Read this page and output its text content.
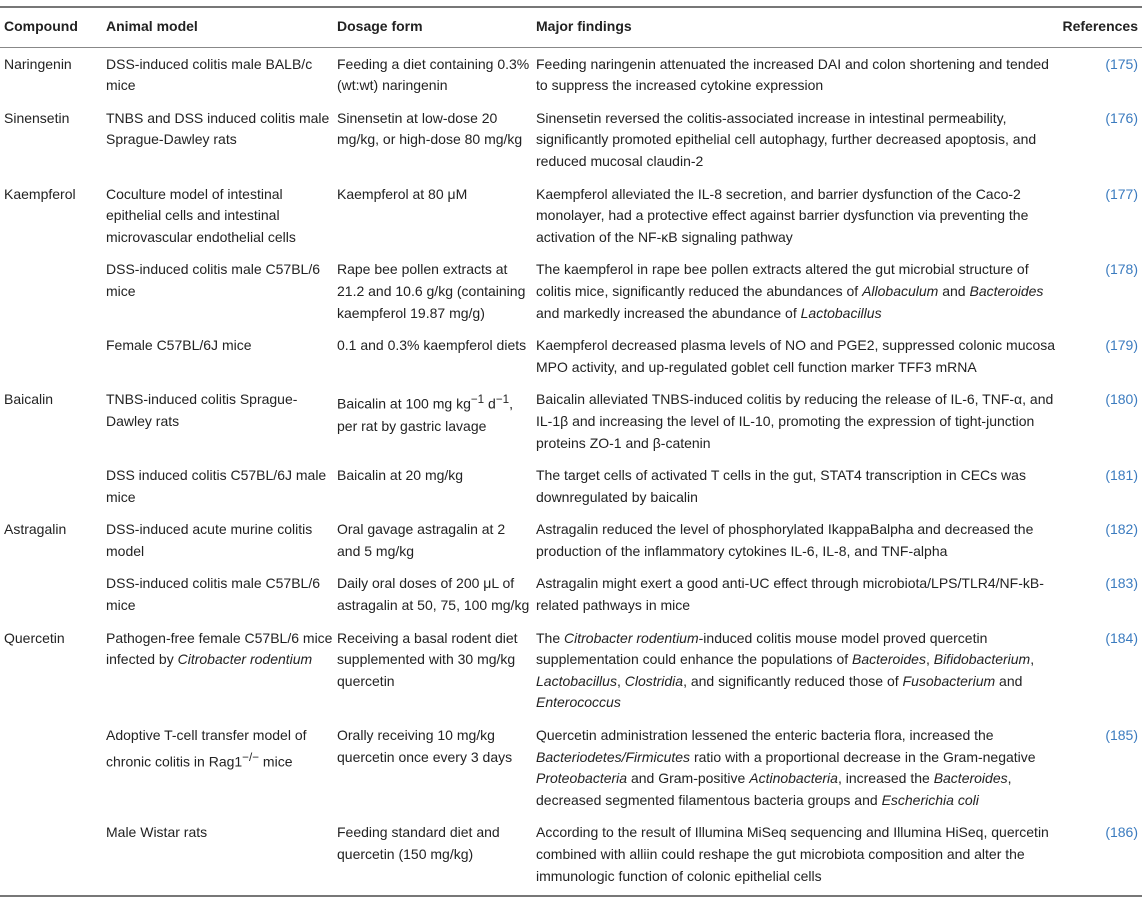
Compound	Animal model	Dosage form	Major findings	References
Naringenin	DSS-induced colitis male BALB/c mice	Feeding a diet containing 0.3% (wt:wt) naringenin	Feeding naringenin attenuated the increased DAI and colon shortening and tended to suppress the increased cytokine expression	(175)
Sinensetin	TNBS and DSS induced colitis male Sprague-Dawley rats	Sinensetin at low-dose 20 mg/kg, or high-dose 80 mg/kg	Sinensetin reversed the colitis-associated increase in intestinal permeability, significantly promoted epithelial cell autophagy, further decreased apoptosis, and reduced mucosal claudin-2	(176)
Kaempferol	Coculture model of intestinal epithelial cells and intestinal microvascular endothelial cells	Kaempferol at 80 μM	Kaempferol alleviated the IL-8 secretion, and barrier dysfunction of the Caco-2 monolayer, had a protective effect against barrier dysfunction via preventing the activation of the NF-κB signaling pathway	(177)
	DSS-induced colitis male C57BL/6 mice	Rape bee pollen extracts at 21.2 and 10.6 g/kg (containing kaempferol 19.87 mg/g)	The kaempferol in rape bee pollen extracts altered the gut microbial structure of colitis mice, significantly reduced the abundances of Allobaculum and Bacteroides and markedly increased the abundance of Lactobacillus	(178)
	Female C57BL/6J mice	0.1 and 0.3% kaempferol diets	Kaempferol decreased plasma levels of NO and PGE2, suppressed colonic mucosa MPO activity, and up-regulated goblet cell function marker TFF3 mRNA	(179)
Baicalin	TNBS-induced colitis Sprague-Dawley rats	Baicalin at 100 mg $kg^{-1}$ $d^{-1}$, per rat by gastric lavage	Baicalin alleviated TNBS-induced colitis by reducing the release of IL-6, TNF-α, and IL-1β and increasing the level of IL-10, promoting the expression of tight-junction proteins ZO-1 and β-catenin	(180)
	DSS induced colitis C57BL/6J male mice	Baicalin at 20 mg/kg	The target cells of activated T cells in the gut, STAT4 transcription in CECs was downregulated by baicalin	(181)
Astragalin	DSS-induced acute murine colitis model	Oral gavage astragalin at 2 and 5 mg/kg	Astragalin reduced the level of phosphorylated IkappaBalpha and decreased the production of the inflammatory cytokines IL-6, IL-8, and TNF-alpha	(182)
	DSS-induced colitis male C57BL/6 mice	Daily oral doses of 200 μL of astragalin at 50, 75, 100 mg/kg	Astragalin might exert a good anti-UC effect through microbiota/LPS/TLR4/NF-kB-related pathways in mice	(183)
Quercetin	Pathogen-free female C57BL/6 mice infected by Citrobacter rodentium	Receiving a basal rodent diet supplemented with 30 mg/kg quercetin	The Citrobacter rodentium-induced colitis mouse model proved quercetin supplementation could enhance the populations of Bacteroides, Bifidobacterium, Lactobacillus, Clostridia, and significantly reduced those of Fusobacterium and Enterococcus	(184)
	Adoptive T-cell transfer model of chronic colitis in Rag1−/− mice	Orally receiving 10 mg/kg quercetin once every 3 days	Quercetin administration lessened the enteric bacteria flora, increased the Bacteriodetes/Firmicutes ratio with a proportional decrease in the Gram-negative Proteobacteria and Gram-positive Actinobacteria, increased the Bacteroides, decreased segmented filamentous bacteria groups and Escherichia coli	(185)
	Male Wistar rats	Feeding standard diet and quercetin (150 mg/kg)	According to the result of Illumina MiSeq sequencing and Illumina HiSeq, quercetin combined with alliin could reshape the gut microbiota composition and alter the immunologic function of colonic epithelial cells	(186)
